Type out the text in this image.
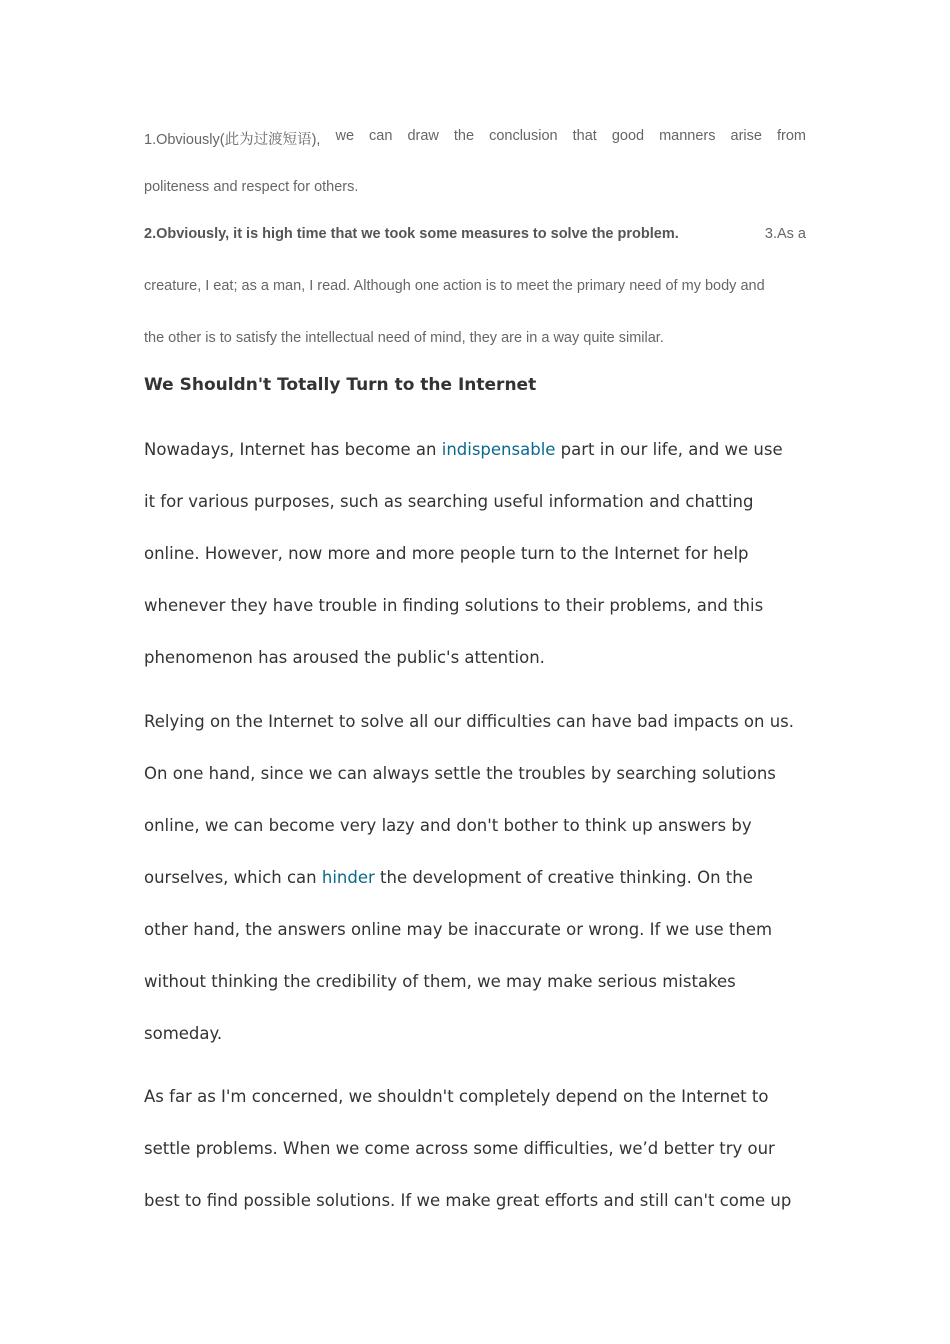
1.Obviously(此为过渡短语), we can draw the conclusion that good manners arise from
politeness and respect for others.
2.Obviously, it is high time that we took some measures to solve the problem.	3.As a
creature, I eat; as a man, I read. Although one action is to meet the primary need of my body and
the other is to satisfy the intellectual need of mind, they are in a way quite similar.
We Shouldn't Totally Turn to the Internet
Nowadays, Internet has become an indispensable part in our life, and we use
it for various purposes, such as searching useful information and chatting
online. However, now more and more people turn to the Internet for help
whenever they have trouble in finding solutions to their problems, and this
phenomenon has aroused the public's attention.
Relying on the Internet to solve all our difficulties can have bad impacts on us.
On one hand, since we can always settle the troubles by searching solutions
online, we can become very lazy and don't bother to think up answers by
ourselves, which can hinder the development of creative thinking. On the
other hand, the answers online may be inaccurate or wrong. If we use them
without thinking the credibility of them, we may make serious mistakes
someday.
As far as I'm concerned, we shouldn't completely depend on the Internet to
settle problems. When we come across some difficulties, we’d better try our
best to find possible solutions. If we make great efforts and still can't come up
